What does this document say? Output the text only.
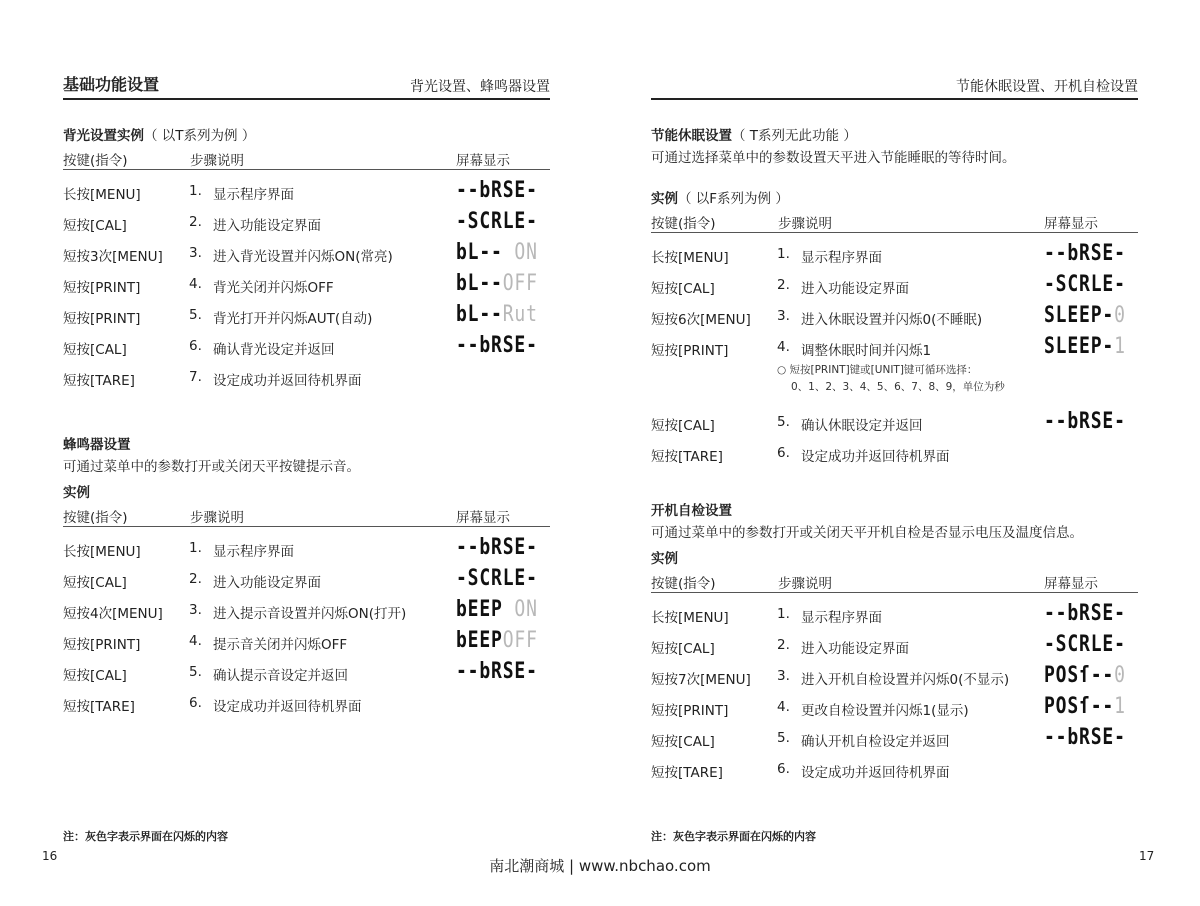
基础功能设置	背光设置、蜂鸣器设置
背光设置实例（ 以T系列为例 ）
按键(指令)	步骤说明	屏幕显示
长按[MENU]	1. 显示程序界面	--bRSE-
短按[CAL]	2. 进入功能设定界面	-SCRLE-
短按3次[MENU] 3. 进入背光设置并闪烁ON(常亮)	bL-- ON
短按[PRINT]	4. 背光关闭并闪烁OFF	bL--OFF
短按[PRINT]	5. 背光打开并闪烁AUT(自动)	bL--Rut
短按[CAL]	6. 确认背光设定并返回	--bRSE-
短按[TARE]	7. 设定成功并返回待机界面
蜂鸣器设置
可通过菜单中的参数打开或关闭天平按键提示音。
实例
按键(指令)	步骤说明	屏幕显示
长按[MENU]	1. 显示程序界面	--bRSE-
短按[CAL]	2. 进入功能设定界面	-SCRLE-
短按4次[MENU] 3. 进入提示音设置并闪烁ON(打开) bEEP ON
短按[PRINT]	4. 提示音关闭并闪烁OFF	bEEPOFF
短按[CAL]	5. 确认提示音设定并返回	--bRSE-
短按[TARE]	6. 设定成功并返回待机界面
注：灰色字表示界面在闪烁的内容
16
节能休眠设置、开机自检设置
节能休眠设置（ T系列无此功能 ）
可通过选择菜单中的参数设置天平进入节能睡眠的等待时间。
实例（ 以F系列为例 ）
按键(指令)	步骤说明	屏幕显示
长按[MENU]	1. 显示程序界面	--bRSE-
短按[CAL]	2. 进入功能设定界面	-SCRLE-
短按6次[MENU] 3. 进入休眠设置并闪烁0(不睡眠)	SLEEP-0
短按[PRINT]	4. 调整休眠时间并闪烁1	SLEEP-1
○ 短按[PRINT]键或[UNIT]键可循环选择：
0、1、2、3、4、5、6、7、8、9，单位为秒
短按[CAL]	5. 确认休眠设定并返回	--bRSE-
短按[TARE]	6. 设定成功并返回待机界面
开机自检设置
可通过菜单中的参数打开或关闭天平开机自检是否显示电压及温度信息。
实例
按键(指令)	步骤说明	屏幕显示
长按[MENU]	1. 显示程序界面	--bRSE-
短按[CAL]	2. 进入功能设定界面	-SCRLE-
短按7次[MENU] 3. 进入开机自检设置并闪烁0(不显示) POSſ--0
短按[PRINT]	4. 更改自检设置并闪烁1(显示)	POSſ--1
短按[CAL]	5. 确认开机自检设定并返回	--bRSE-
短按[TARE]	6. 设定成功并返回待机界面
注：灰色字表示界面在闪烁的内容
17
南北潮商城 | www.nbchao.com
